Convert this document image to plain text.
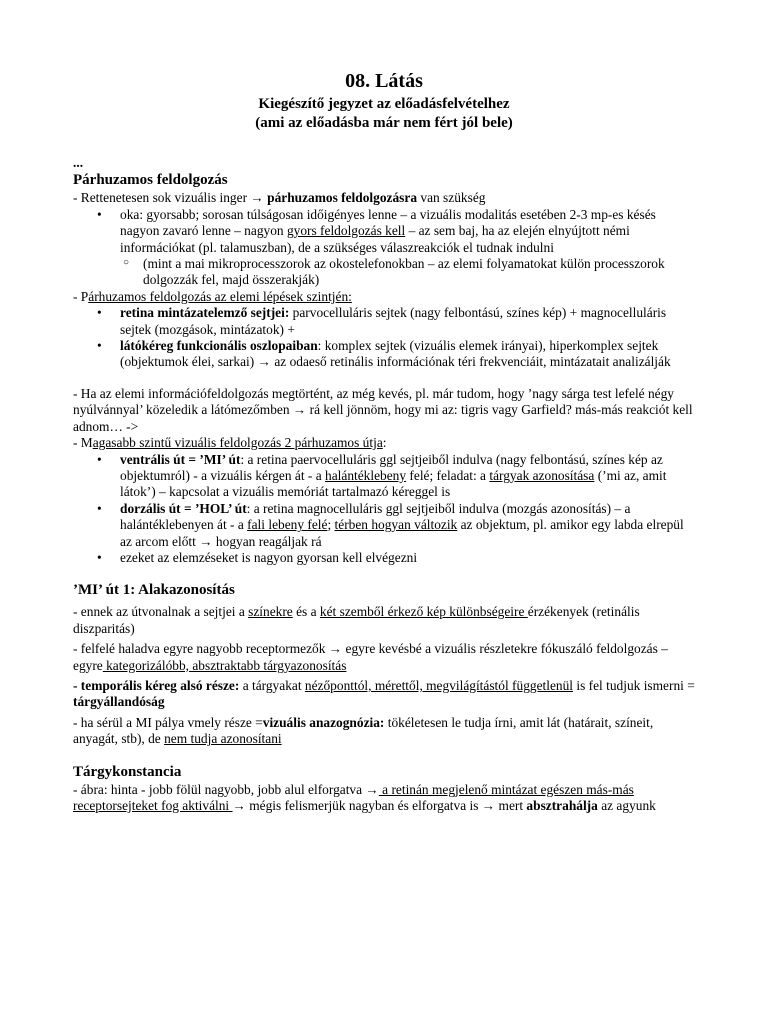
08. Látás
Kiegészítő jegyzet az előadásfelvételhez
(ami az előadásba már nem fért jól bele)

...

Párhuzamos feldolgozás

- Rettenetesen sok vizuális inger → párhuzamos feldolgozásra van szükség

• oka: gyorsabb; sorosan túlságosan időigényes lenne – a vizuális modalitás esetében 2-3 mp-es késés nagyon zavaró lenne – nagyon gyors feldolgozás kell – az sem baj, ha az elején elnyújtott némi információkat (pl. talamuszban), de a szükséges válaszreakciók el tudnak indulni
○ (mint a mai mikroprocesszorok az okostelefonokban – az elemi folyamatokat külön processzorok dolgozzák fel, majd összerakják)

- Párhuzamos feldolgozás az elemi lépések szintjén:

• retina mintázatelemző sejtjei: parvocelluláris sejtek (nagy felbontású, színes kép) + magnocelluláris sejtek (mozgások, mintázatok) +
• látókéreg funkcionális oszlopaiban: komplex sejtek (vizuális elemek irányai), hiperkomplex sejtek (objektumok élei, sarkai) → az odaeső retinális információnak téri frekvenciáit, mintázatait analizálják

- Ha az elemi információfeldolgozás megtörtént, az még kevés, pl. már tudom, hogy ’nagy sárga test lefelé négy nyúlvánnyal’ közeledik a látómezőmben → rá kell jönnöm, hogy mi az: tigris vagy Garfield? más-más reakciót kell adnom… ->

- Magasabb szintű vizuális feldolgozás 2 párhuzamos útja:

• ventrális út = ’MI’ út: a retina paervocelluláris ggl sejtjeiből indulva (nagy felbontású, színes kép az objektumról) - a vizuális kérgen át - a halántéklebeny felé; feladat: a tárgyak azonosítása (’mi az, amit látok’) – kapcsolat a vizuális memóriát tartalmazó kéreggel is
• dorzális út = ’HOL’ út: a retina magnocelluláris ggl sejtjeiből indulva (mozgás azonosítás) – a halántéklebenyen át - a fali lebeny felé; térben hogyan változik az objektum, pl. amikor egy labda elrepül az arcom előtt → hogyan reagáljak rá
• ezeket az elemzéseket is nagyon gyorsan kell elvégezni

’MI’ út 1: Alakazonosítás

- ennek az útvonalnak a sejtjei a színekre és a két szemből érkező kép különbségeire érzékenyek (retinális diszparitás)

- felfelé haladva egyre nagyobb receptormezők → egyre kevésbé a vizuális részletekre fókuszáló feldolgozás – egyre kategorizálóbb, absztraktabb tárgyazonosítás

- temporális kéreg alsó része: a tárgyakat nézőponttól, mérettől, megvilágítástól függetlenül is fel tudjuk ismerni = tárgyállandóság

- ha sérül a MI pálya vmely része =vizuális anazognózia: tökéletesen le tudja írni, amit lát (határait, színeit, anyagát, stb), de nem tudja azonosítani

Tárgykonstancia

- ábra: hinta - jobb fölül nagyobb, jobb alul elforgatva → a retinán megjelenő mintázat egészen más-más receptorsejteket fog aktiválni → mégis felismerjük nagyban és elforgatva is → mert absztrahálja az agyunk
